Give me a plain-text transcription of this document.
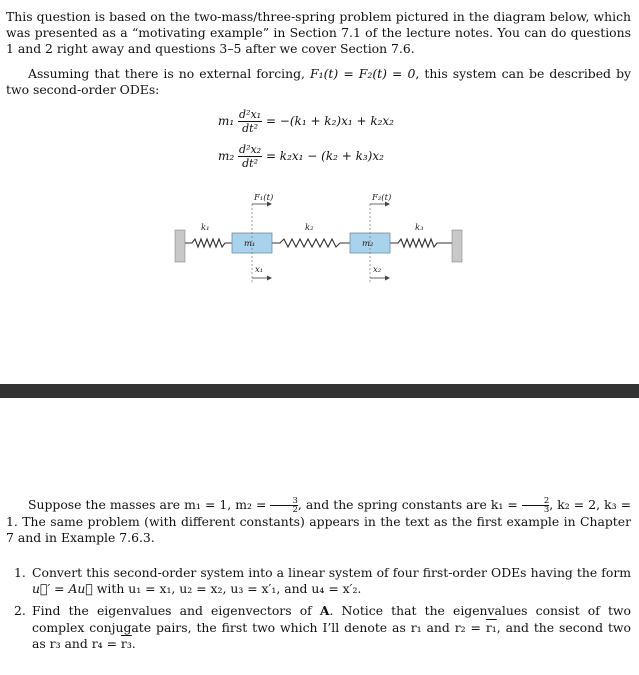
This question is based on the two-mass/three-spring problem pictured in the diagram below, which was presented as a “motivating example” in Section 7.1 of the lecture notes. You can do questions 1 and 2 right away and questions 3–5 after we cover Section 7.6.
Assuming that there is no external forcing, F₁(t) = F₂(t) = 0, this system can be described by two second-order ODEs:
$m_1 \frac{\text{d²x₁}}{\text{dt²}} = -(k_1 + k_2)x_1 + k_2x_2$
$m_2 \frac{\text{d²x₂}}{\text{dt²}} = k_2x_1 - (k_2 + k_3)x_2$
F₁(t)	F₂(t)
k₁	k₂	k₃
m₁	m₂
x₁	x₂
Suppose the masses are m₁ = 1, $m_2 = \frac{3}{2}$ , and the spring constants are $k_1 = \frac{2}{3}$ , k₂ = 2, k₃ = 1. The same problem (with different constants) appears in the text as the first example in Chapter 7 and in Example 7.6.3.
1. Convert this second-order system into a linear system of four first-order ODEs having the form u⃗′ = Au⃗ with u₁ = x₁, u₂ = x₂, u₃ = x′₁, and u₄ = x′₂.
2. Find the eigenvalues and eigenvectors of A. Notice that the eigenvalues consist of two complex conjugate pairs, the first two which I’ll denote as r₁ and r₂ = r₁, and the second two as r₃ and r₄ = r₃.
